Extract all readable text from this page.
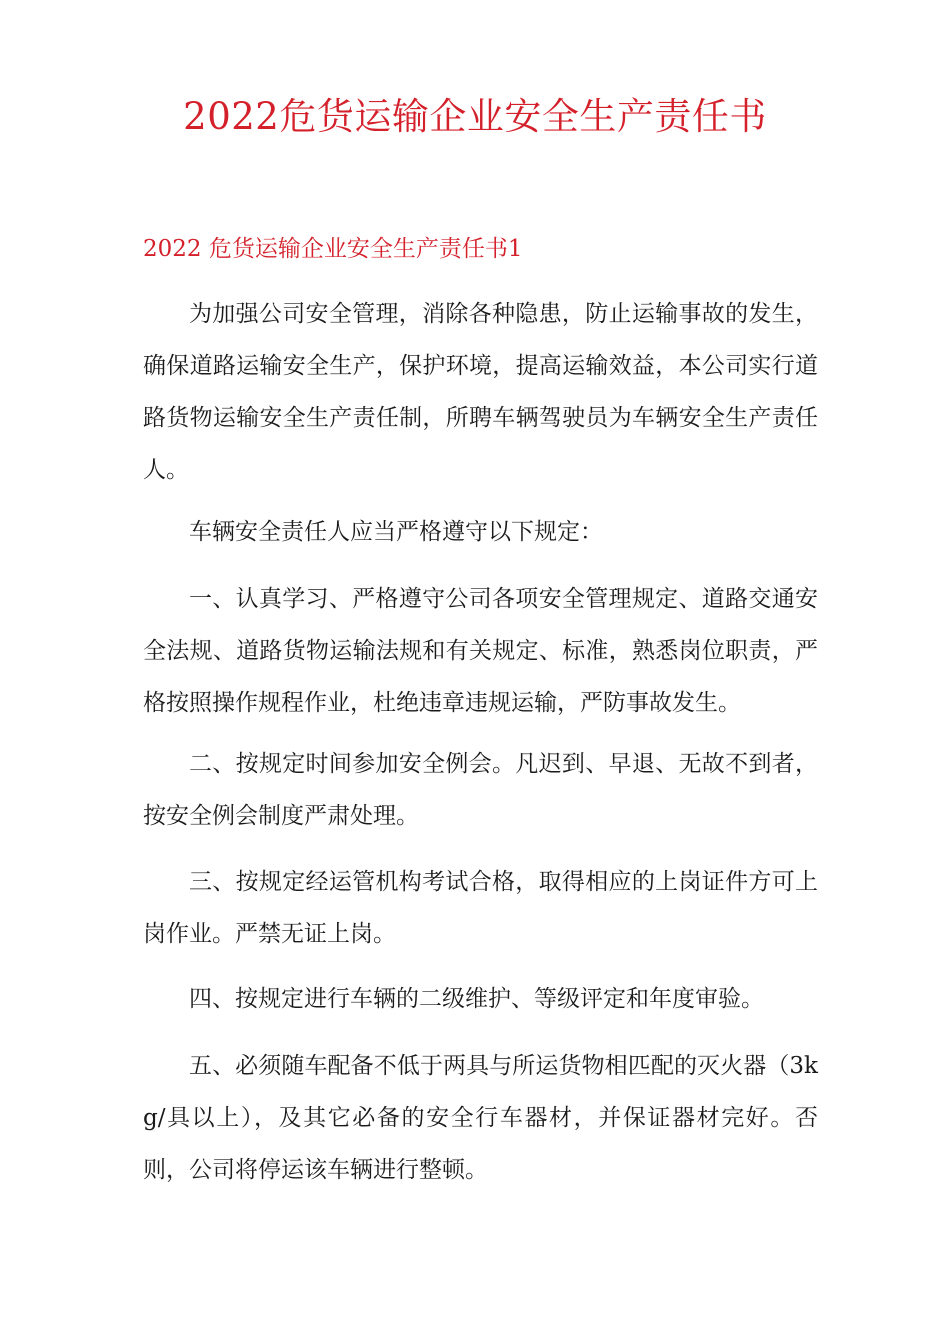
2022危货运输企业安全生产责任书
2022 危货运输企业安全生产责任书1

为加强公司安全管理，消除各种隐患，防止运输事故的发生，确保道路运输安全生产，保护环境，提高运输效益，本公司实行道路货物运输安全生产责任制，所聘车辆驾驶员为车辆安全生产责任人。

车辆安全责任人应当严格遵守以下规定：

一、认真学习、严格遵守公司各项安全管理规定、道路交通安全法规、道路货物运输法规和有关规定、标准，熟悉岗位职责，严格按照操作规程作业，杜绝违章违规运输，严防事故发生。

二、按规定时间参加安全例会。凡迟到、早退、无故不到者，按安全例会制度严肃处理。

三、按规定经运管机构考试合格，取得相应的上岗证件方可上岗作业。严禁无证上岗。

四、按规定进行车辆的二级维护、等级评定和年度审验。

五、必须随车配备不低于两具与所运货物相匹配的灭火器（3kg/具以上），及其它必备的安全行车器材，并保证器材完好。否则，公司将停运该车辆进行整顿。
